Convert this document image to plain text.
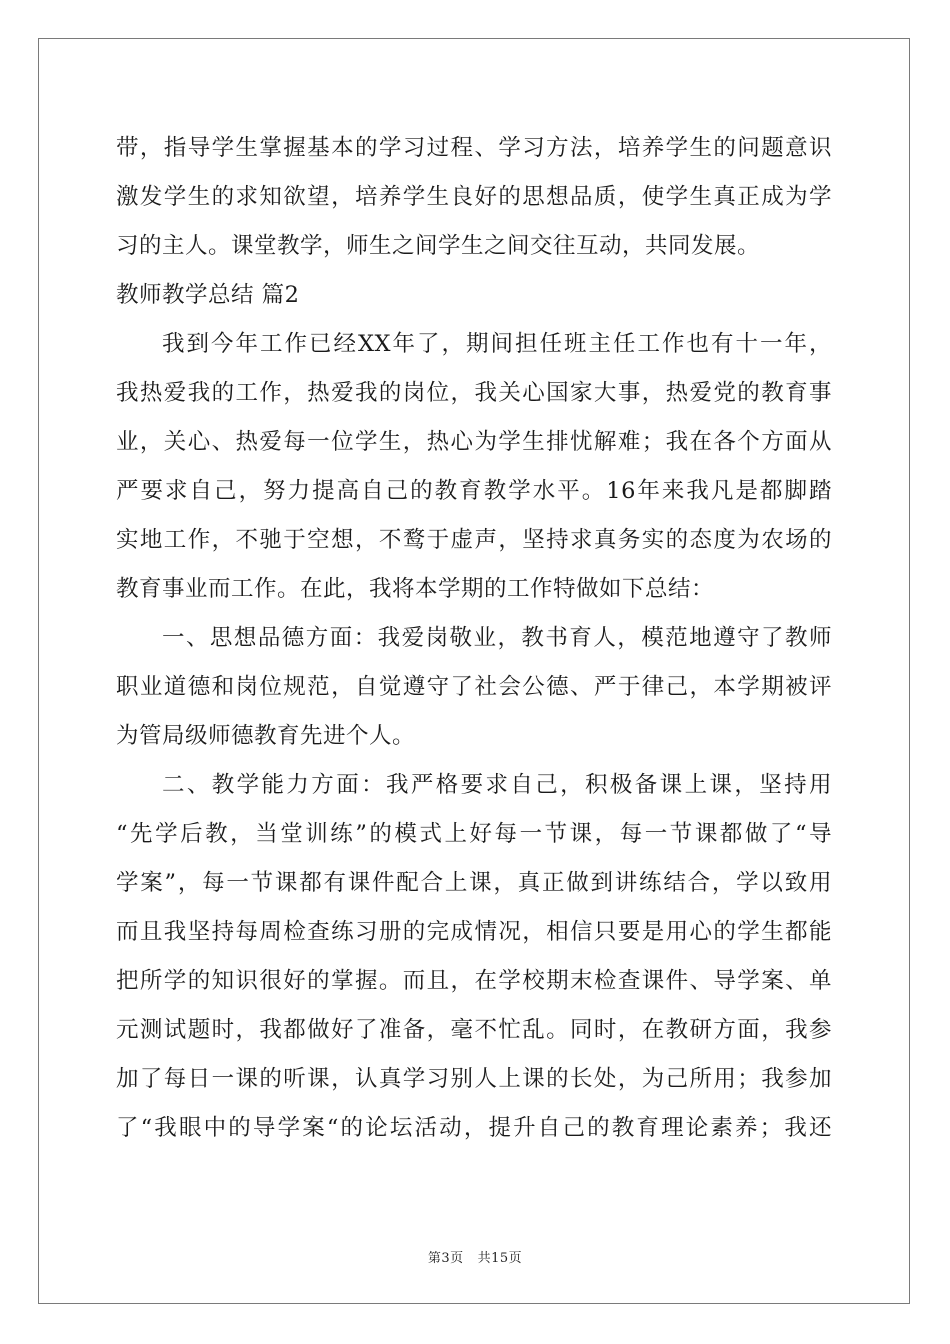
带，指导学生掌握基本的学习过程、学习方法，培养学生的问题意识
激发学生的求知欲望，培养学生良好的思想品质，使学生真正成为学
习的主人。课堂教学，师生之间学生之间交往互动，共同发展。
教师教学总结 篇2
我到今年工作已经XX年了，期间担任班主任工作也有十一年，
我热爱我的工作，热爱我的岗位，我关心国家大事，热爱党的教育事
业，关心、热爱每一位学生，热心为学生排忧解难；我在各个方面从
严要求自己，努力提高自己的教育教学水平。16年来我凡是都脚踏
实地工作，不驰于空想，不鹜于虚声，坚持求真务实的态度为农场的
教育事业而工作。在此，我将本学期的工作特做如下总结：
一、思想品德方面：我爱岗敬业，教书育人，模范地遵守了教师
职业道德和岗位规范，自觉遵守了社会公德、严于律己，本学期被评
为管局级师德教育先进个人。
二、教学能力方面：我严格要求自己，积极备课上课，坚持用
“先学后教，当堂训练”的模式上好每一节课，每一节课都做了“导
学案”，每一节课都有课件配合上课，真正做到讲练结合，学以致用
而且我坚持每周检查练习册的完成情况，相信只要是用心的学生都能
把所学的知识很好的掌握。而且，在学校期末检查课件、导学案、单
元测试题时，我都做好了准备，毫不忙乱。同时，在教研方面，我参
加了每日一课的听课，认真学习别人上课的长处，为己所用；我参加
了“我眼中的导学案“的论坛活动，提升自己的教育理论素养；我还
第3页 共15页
